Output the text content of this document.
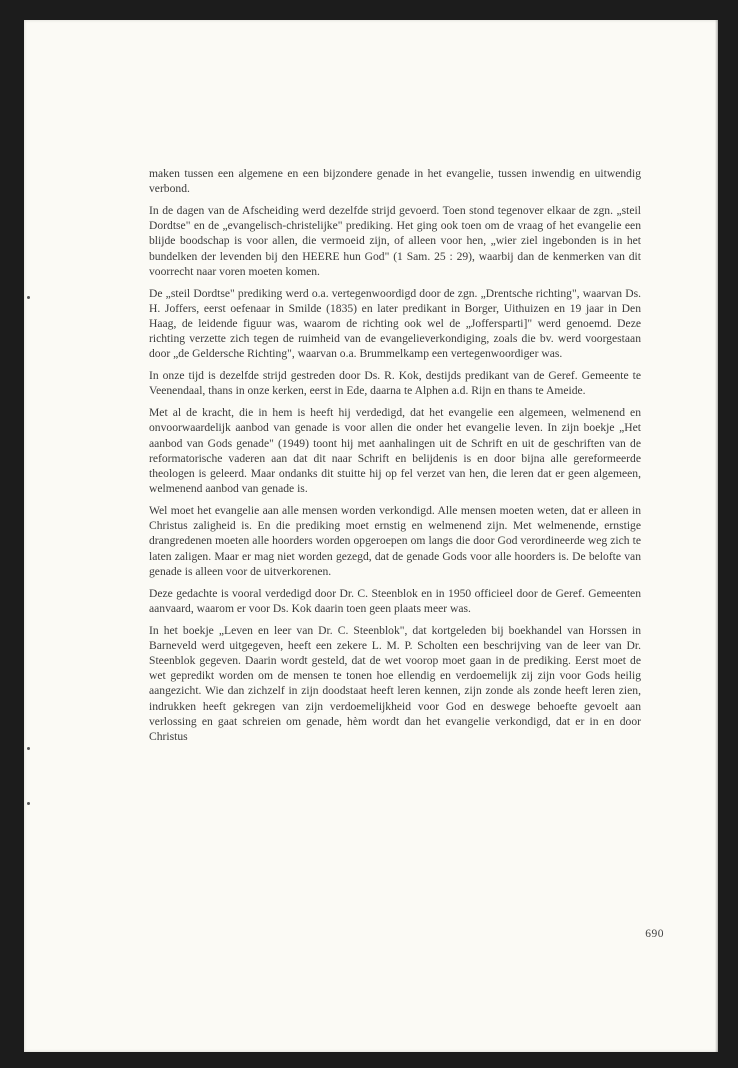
maken tussen een algemene en een bijzondere genade in het evangelie, tussen inwendig en uitwendig verbond.

In de dagen van de Afscheiding werd dezelfde strijd gevoerd. Toen stond tegenover elkaar de zgn. „steil Dordtse" en de „evangelisch-christelijke" prediking. Het ging ook toen om de vraag of het evangelie een blijde boodschap is voor allen, die vermoeid zijn, of alleen voor hen, „wier ziel ingebonden is in het bundelken der levenden bij den HEERE hun God" (1 Sam. 25 : 29), waarbij dan de kenmerken van dit voorrecht naar voren moeten komen.

De „steil Dordtse" prediking werd o.a. vertegenwoordigd door de zgn. „Drentsche richting", waarvan Ds. H. Joffers, eerst oefenaar in Smilde (1835) en later predikant in Borger, Uithuizen en 19 jaar in Den Haag, de leidende figuur was, waarom de richting ook wel de „Joffersparti]" werd genoemd. Deze richting verzette zich tegen de ruimheid van de evangelieverkondiging, zoals die bv. werd voorgestaan door „de Geldersche Richting", waarvan o.a. Brummelkamp een vertegenwoordiger was.

In onze tijd is dezelfde strijd gestreden door Ds. R. Kok, destijds predikant van de Geref. Gemeente te Veenendaal, thans in onze kerken, eerst in Ede, daarna te Alphen a.d. Rijn en thans te Ameide.

Met al de kracht, die in hem is heeft hij verdedigd, dat het evangelie een algemeen, welmenend en onvoorwaardelijk aanbod van genade is voor allen die onder het evangelie leven. In zijn boekje „Het aanbod van Gods genade" (1949) toont hij met aanhalingen uit de Schrift en uit de geschriften van de reformatorische vaderen aan dat dit naar Schrift en belijdenis is en door bijna alle gereformeerde theologen is geleerd. Maar ondanks dit stuitte hij op fel verzet van hen, die leren dat er geen algemeen, welmenend aanbod van genade is.

Wel moet het evangelie aan alle mensen worden verkondigd. Alle mensen moeten weten, dat er alleen in Christus zaligheid is. En die prediking moet ernstig en welmenend zijn. Met welmenende, ernstige drangredenen moeten alle hoorders worden opgeroepen om langs die door God verordineerde weg zich te laten zaligen. Maar er mag niet worden gezegd, dat de genade Gods voor alle hoorders is. De belofte van genade is alleen voor de uitverkorenen.

Deze gedachte is vooral verdedigd door Dr. C. Steenblok en in 1950 officieel door de Geref. Gemeenten aanvaard, waarom er voor Ds. Kok daarin toen geen plaats meer was.

In het boekje „Leven en leer van Dr. C. Steenblok", dat kortgeleden bij boekhandel van Horssen in Barneveld werd uitgegeven, heeft een zekere L. M. P. Scholten een beschrijving van de leer van Dr. Steenblok gegeven. Daarin wordt gesteld, dat de wet voorop moet gaan in de prediking. Eerst moet de wet gepredikt worden om de mensen te tonen hoe ellendig en verdoemelijk zij zijn voor Gods heilig aangezicht. Wie dan zichzelf in zijn doodstaat heeft leren kennen, zijn zonde als zonde heeft leren zien, indrukken heeft gekregen van zijn verdoemelijkheid voor God en deswege behoefte gevoelt aan verlossing en gaat schreien om genade, hèm wordt dan het evangelie verkondigd, dat er in en door Christus

690
